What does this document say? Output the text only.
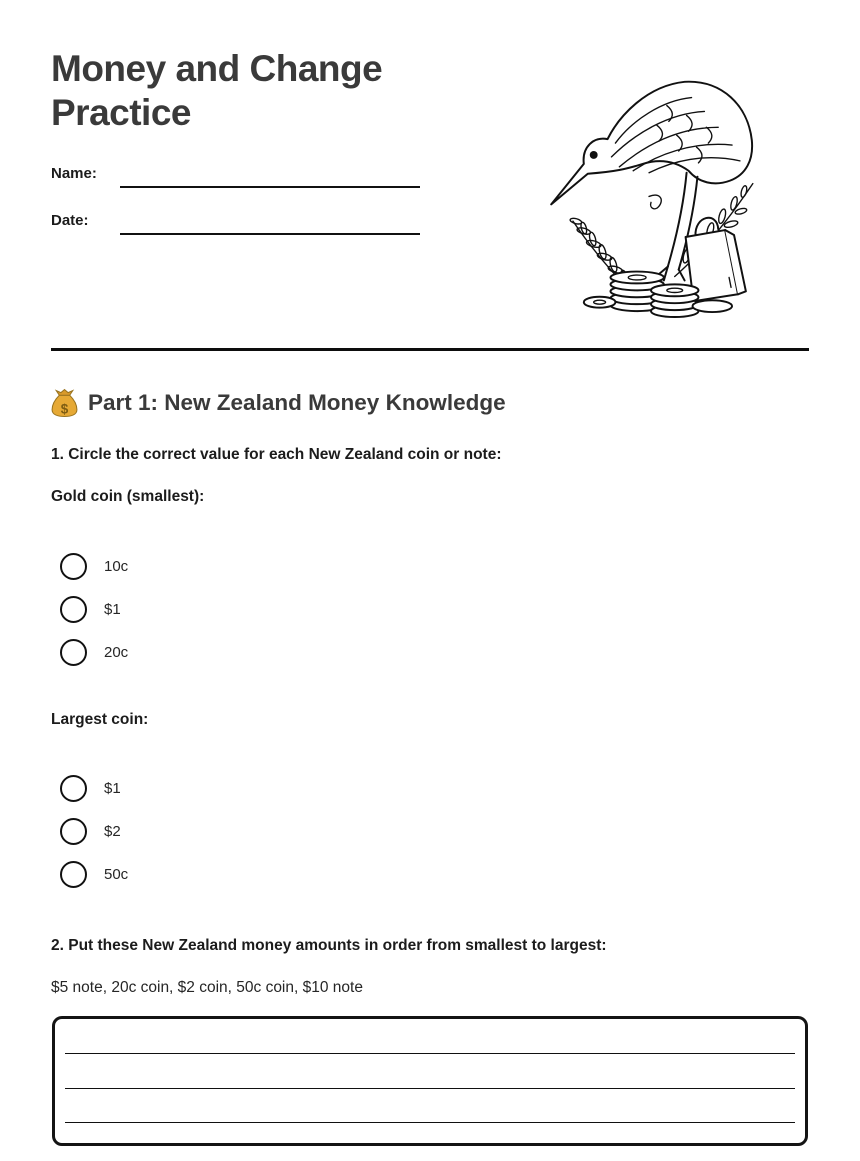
Money and Change Practice
Name:
Date:
$ Part 1: New Zealand Money Knowledge
1. Circle the correct value for each New Zealand coin or note:
Gold coin (smallest):
10c
$1
20c
Largest coin:
$1
$2
50c
2. Put these New Zealand money amounts in order from smallest to largest:
$5 note, 20c coin, $2 coin, 50c coin, $10 note
